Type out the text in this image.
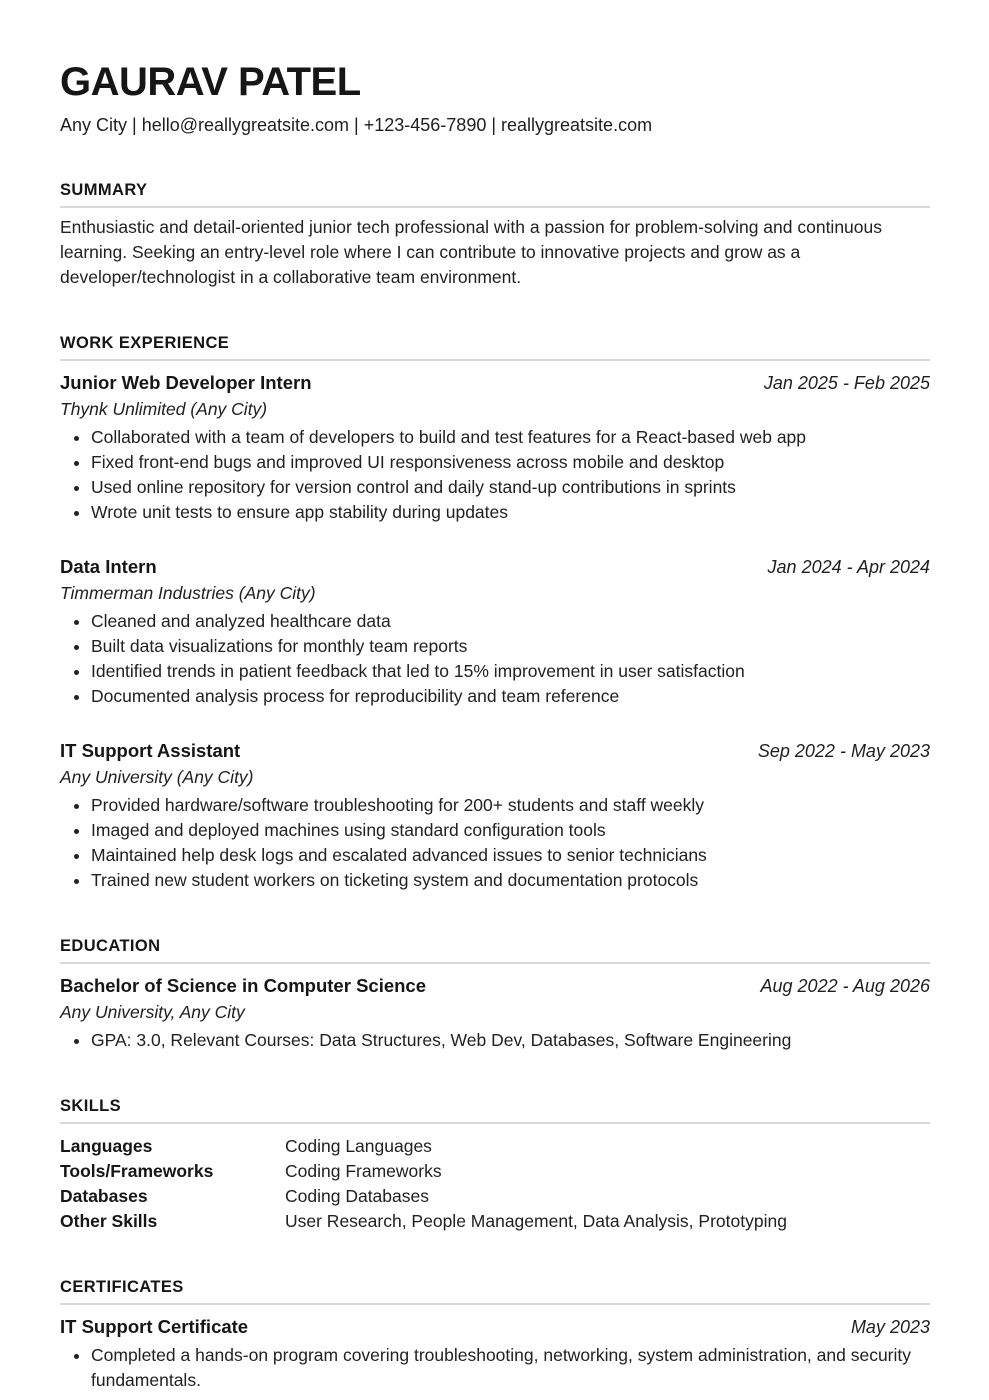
GAURAV PATEL
Any City | hello@reallygreatsite.com | +123-456-7890 | reallygreatsite.com
SUMMARY

Enthusiastic and detail-oriented junior tech professional with a passion for problem-solving and continuous learning. Seeking an entry-level role where I can contribute to innovative projects and grow as a developer/technologist in a collaborative team environment.

WORK EXPERIENCE
Junior Web Developer Intern	Jan 2025 - Feb 2025
Thynk Unlimited (Any City)
• Collaborated with a team of developers to build and test features for a React-based web app
• Fixed front-end bugs and improved UI responsiveness across mobile and desktop
• Used online repository for version control and daily stand-up contributions in sprints
• Wrote unit tests to ensure app stability during updates
Data Intern	Jan 2024 - Apr 2024
Timmerman Industries (Any City)
• Cleaned and analyzed healthcare data
• Built data visualizations for monthly team reports
• Identified trends in patient feedback that led to 15% improvement in user satisfaction
• Documented analysis process for reproducibility and team reference
IT Support Assistant	Sep 2022 - May 2023
Any University (Any City)
• Provided hardware/software troubleshooting for 200+ students and staff weekly
• Imaged and deployed machines using standard configuration tools
• Maintained help desk logs and escalated advanced issues to senior technicians
• Trained new student workers on ticketing system and documentation protocols
EDUCATION
Bachelor of Science in Computer Science	Aug 2022 - Aug 2026
Any University, Any City
• GPA: 3.0, Relevant Courses: Data Structures, Web Dev, Databases, Software Engineering
SKILLS
Languages	Coding Languages
Tools/Frameworks	Coding Frameworks
Databases	Coding Databases
Other Skills	User Research, People Management, Data Analysis, Prototyping
CERTIFICATES
IT Support Certificate	May 2023
• Completed a hands-on program covering troubleshooting, networking, system administration, and security fundamentals.
